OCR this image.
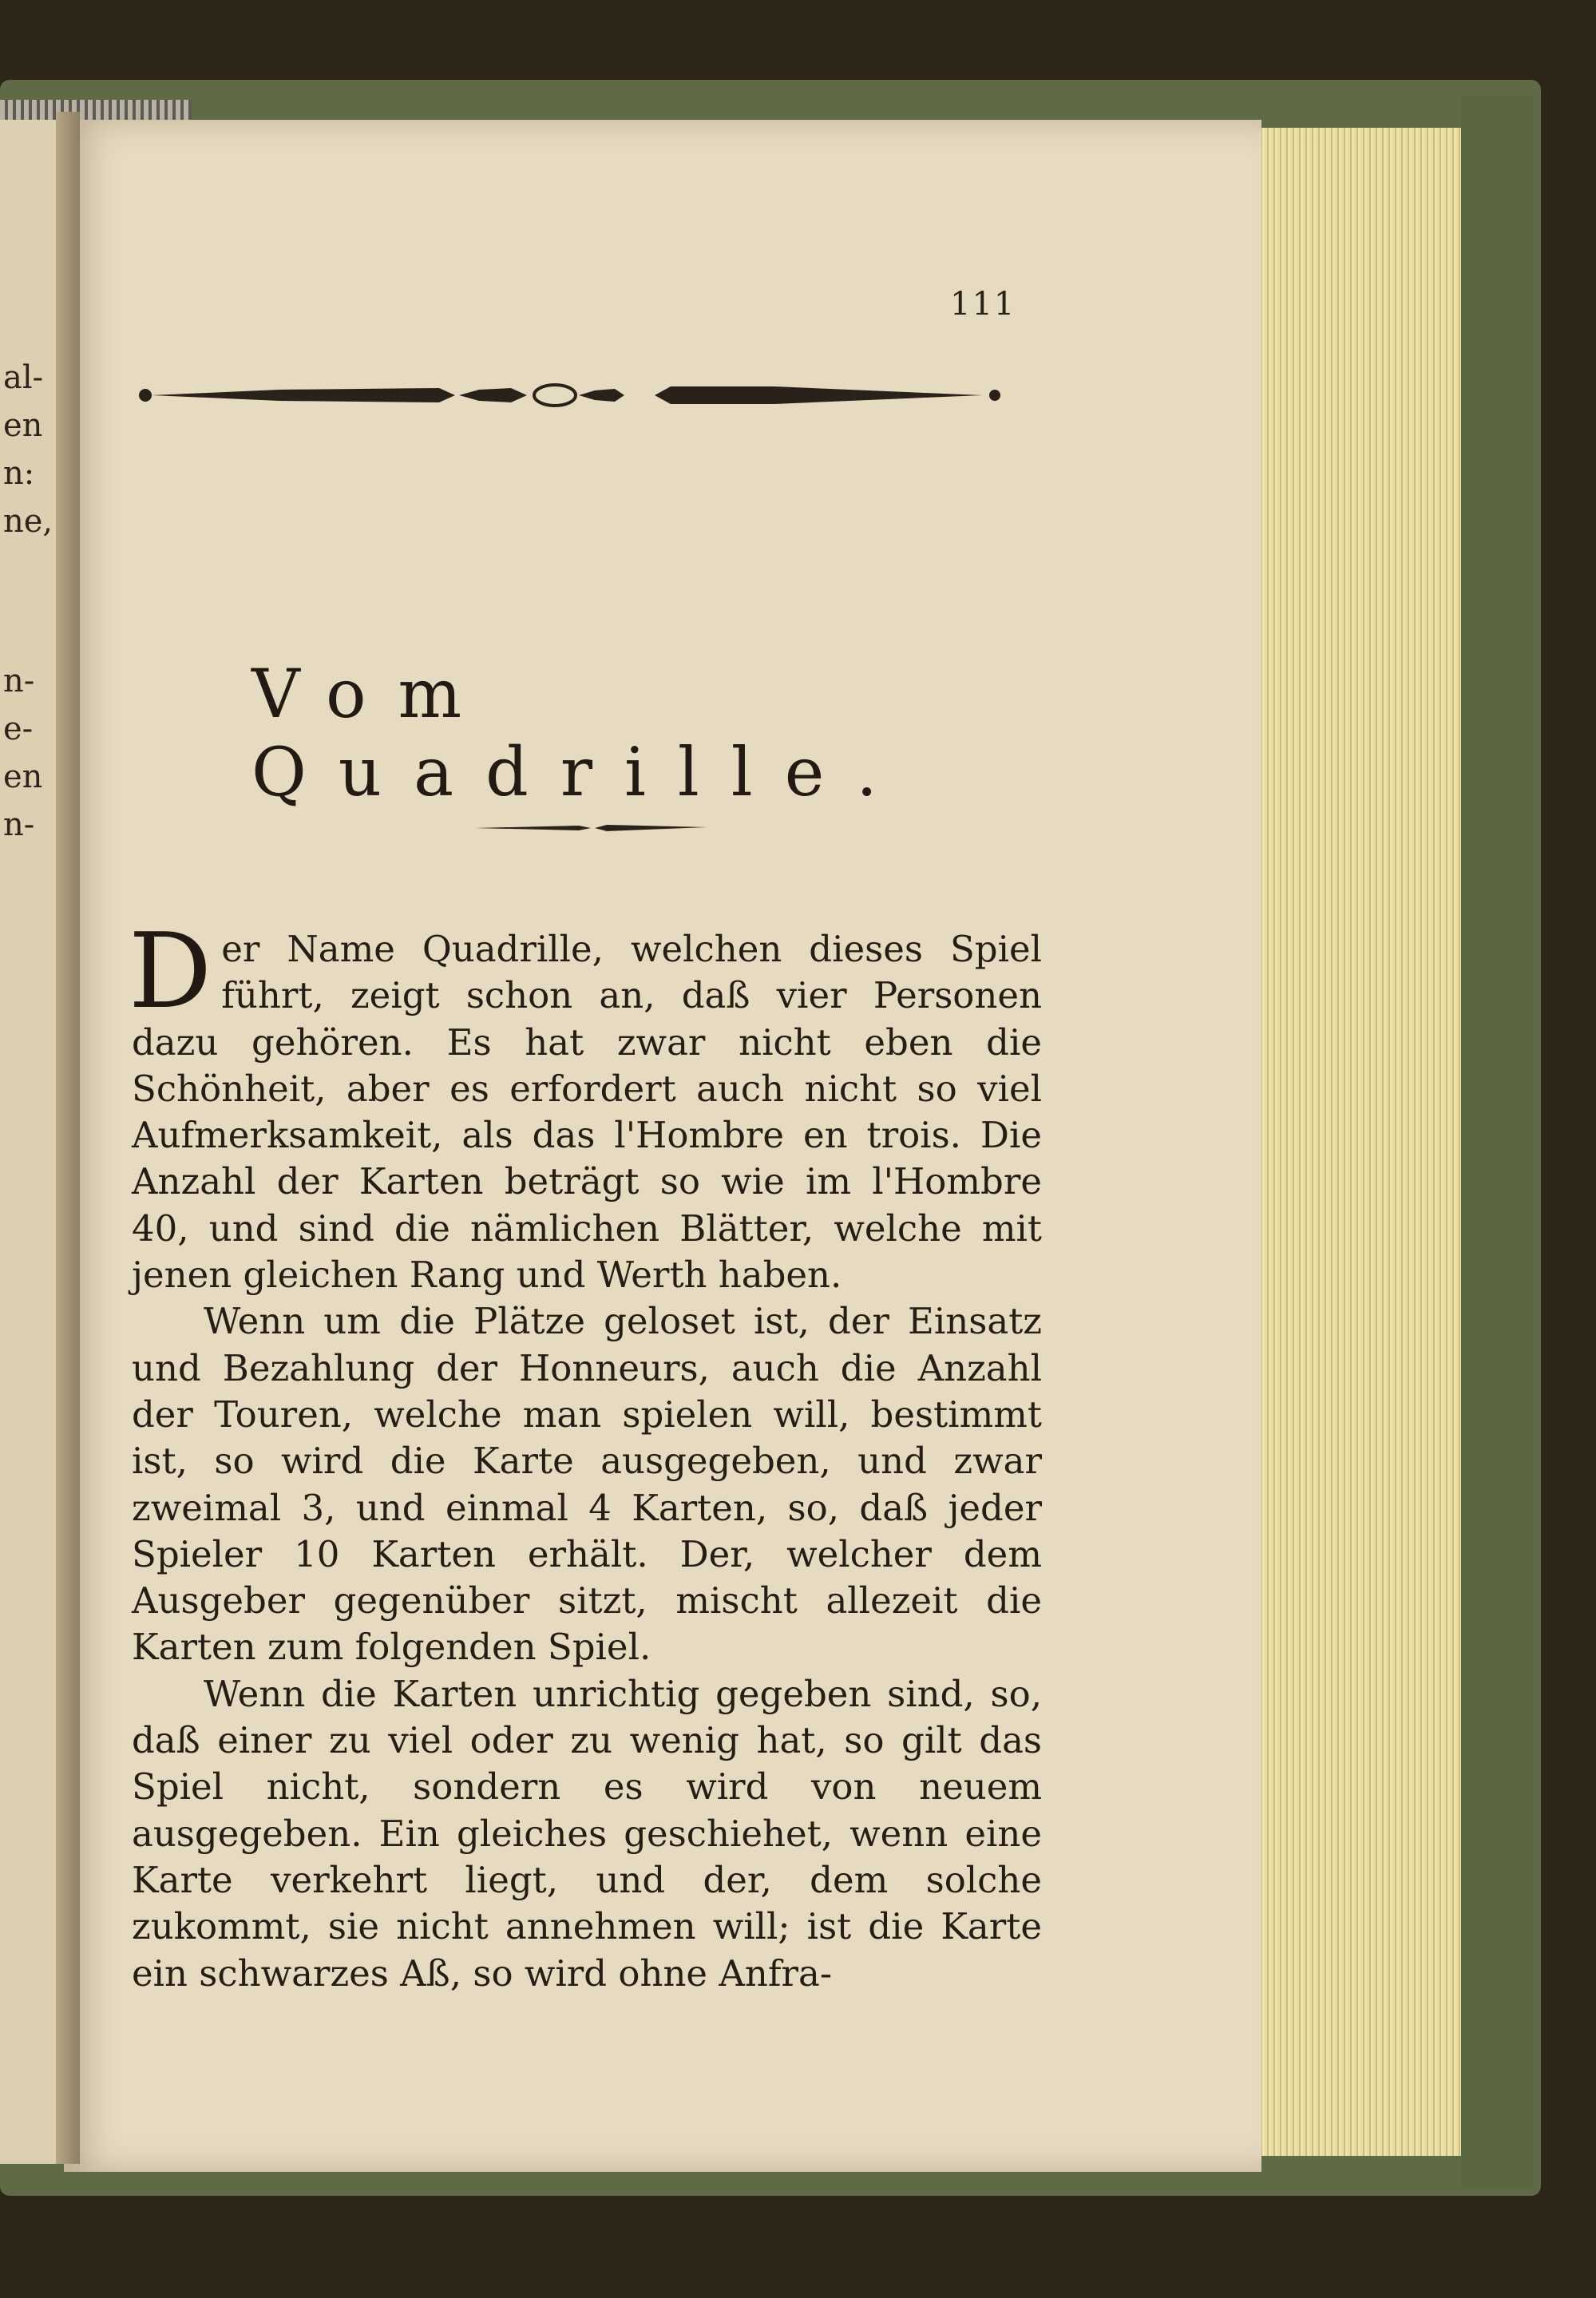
al-
en
n:
ne,
n-
e-
en
n-
111
Vom Quadrille.

Der Name Quadrille, welchen dieses Spiel führt, zeigt schon an, daß vier Personen dazu gehören. Es hat zwar nicht eben die Schönheit, aber es erfordert auch nicht so viel Aufmerksamkeit, als das l'Hombre en trois. Die Anzahl der Karten beträgt so wie im l'Hombre 40, und sind die nämlichen Blätter, welche mit jenen gleichen Rang und Werth haben.

Wenn um die Plätze geloset ist, der Einsatz und Bezahlung der Honneurs, auch die Anzahl der Touren, welche man spielen will, bestimmt ist, so wird die Karte ausgegeben, und zwar zweimal 3, und einmal 4 Karten, so, daß jeder Spieler 10 Karten erhält. Der, welcher dem Ausgeber gegenüber sitzt, mischt allezeit die Karten zum folgenden Spiel.

Wenn die Karten unrichtig gegeben sind, so, daß einer zu viel oder zu wenig hat, so gilt das Spiel nicht, sondern es wird von neuem ausgegeben. Ein gleiches geschiehet, wenn eine Karte verkehrt liegt, und der, dem solche zukommt, sie nicht annehmen will; ist die Karte ein schwarzes Aß, so wird ohne Anfra-
